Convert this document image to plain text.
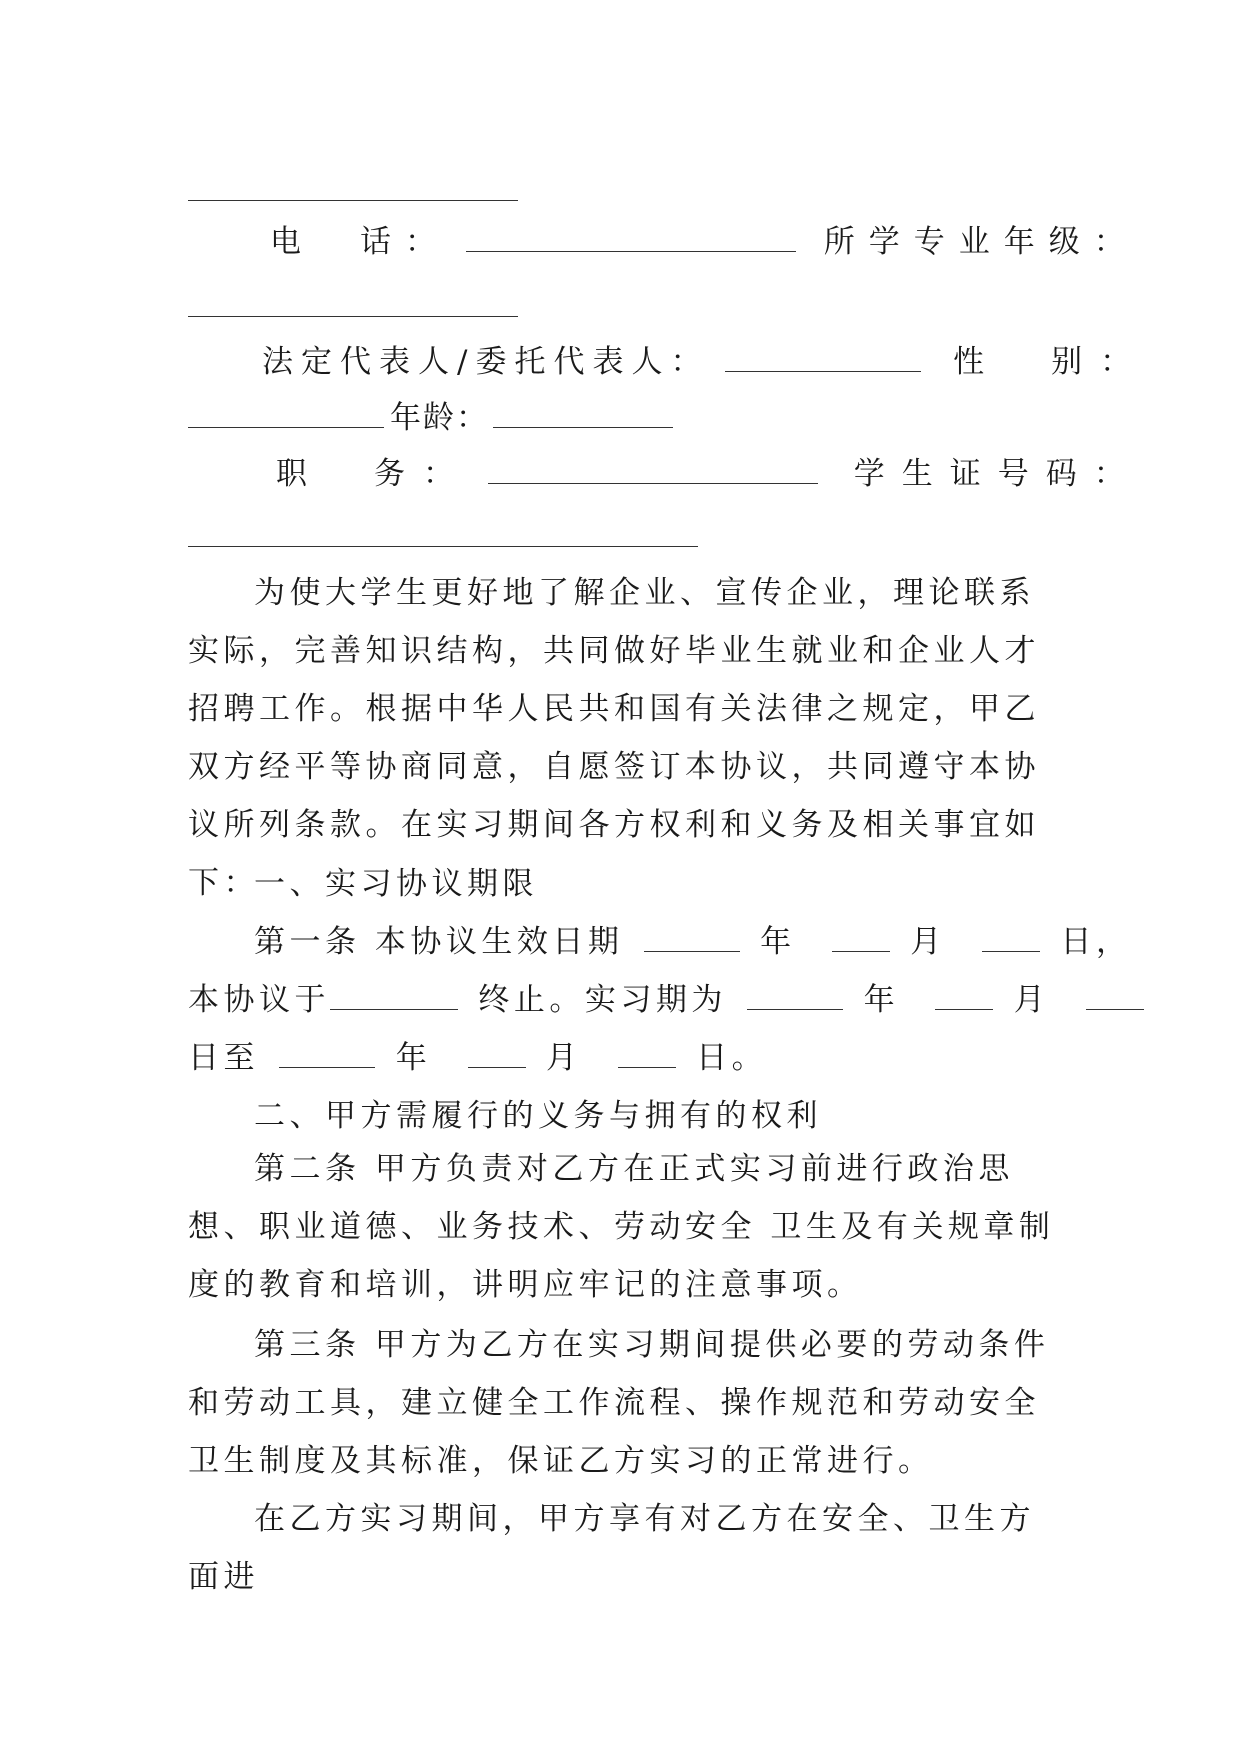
电　话：	所学专业年级：
法定代表人/委托代表人：	性　别：
年龄：
职　务：	学生证号码：

为使大学生更好地了解企业、宣传企业，理论联系实际，完善知识结构，共同做好毕业生就业和企业人才招聘工作。根据中华人民共和国有关法律之规定，甲乙双方经平等协商同意，自愿签订本协议，共同遵守本协议所列条款。在实习期间各方权利和义务及相关事宜如下：

一、实习协议期限
第一条 本协议生效日期	年	月	日，
本协议于	终止。实习期为	年	月
日至	年	月	日。
二、甲方需履行的义务与拥有的权利

第二条 甲方负责对乙方在正式实习前进行政治思想、职业道德、业务技术、劳动安全 卫生及有关规章制度的教育和培训，讲明应牢记的注意事项。

第三条 甲方为乙方在实习期间提供必要的劳动条件和劳动工具，建立健全工作流程、操作规范和劳动安全卫生制度及其标准，保证乙方实习的正常进行。

在乙方实习期间，甲方享有对乙方在安全、卫生方面进
